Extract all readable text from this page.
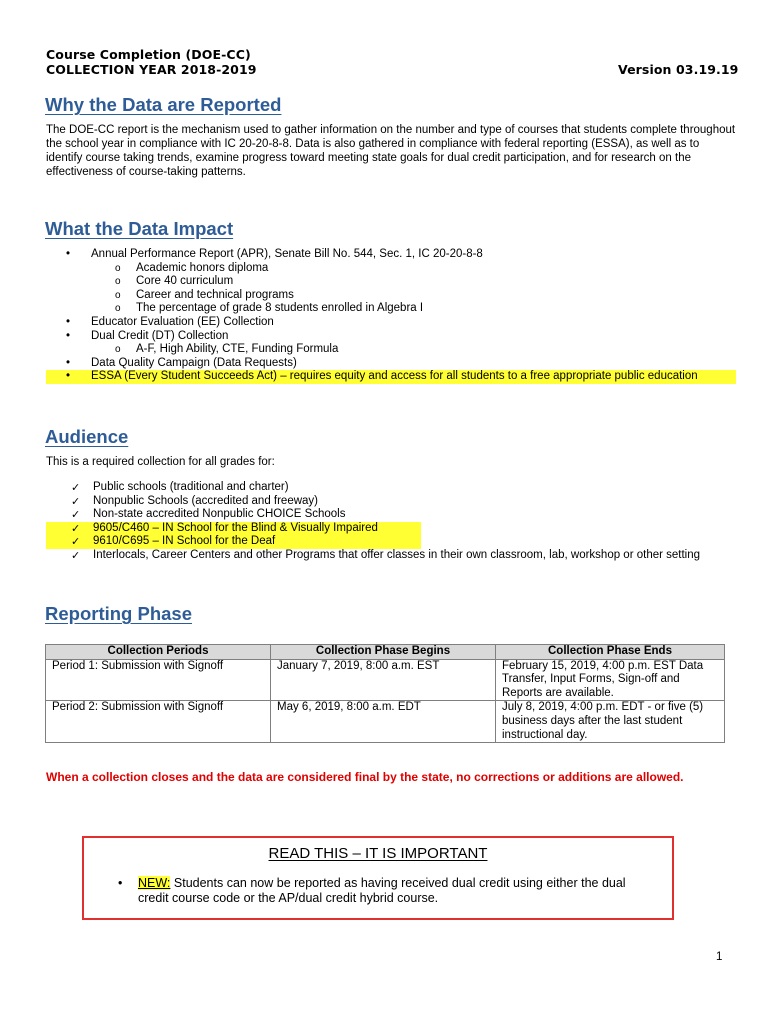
Course Completion (DOE-CC)
COLLECTION YEAR 2018-2019	Version 03.19.19
Why the Data are Reported
The DOE-CC report is the mechanism used to gather information on the number and type of courses that students complete throughout the school year in compliance with IC 20-20-8-8. Data is also gathered in compliance with federal reporting (ESSA), as well as to identify course taking trends, examine progress toward meeting state goals for dual credit participation, and for research on the effectiveness of course-taking patterns.
What the Data Impact
• Annual Performance Report (APR), Senate Bill No. 544, Sec. 1, IC 20-20-8-8
o Academic honors diploma
o Core 40 curriculum
o Career and technical programs
o The percentage of grade 8 students enrolled in Algebra I
• Educator Evaluation (EE) Collection
• Dual Credit (DT) Collection
o A-F, High Ability, CTE, Funding Formula
• Data Quality Campaign (Data Requests)
• ESSA (Every Student Succeeds Act) – requires equity and access for all students to a free appropriate public education
Audience
This is a required collection for all grades for:
✓ Public schools (traditional and charter)
✓ Nonpublic Schools (accredited and freeway)
✓ Non-state accredited Nonpublic CHOICE Schools
✓ 9605/C460 – IN School for the Blind & Visually Impaired
✓ 9610/C695 – IN School for the Deaf
✓ Interlocals, Career Centers and other Programs that offer classes in their own classroom, lab, workshop or other setting
Reporting Phase
Collection Periods	Collection Phase Begins	Collection Phase Ends
Period 1: Submission with Signoff	January 7, 2019, 8:00 a.m. EST	February 15, 2019, 4:00 p.m. EST Data Transfer, Input Forms, Sign-off and Reports are available.
Period 2: Submission with Signoff	May 6, 2019, 8:00 a.m. EDT	July 8, 2019, 4:00 p.m. EDT - or five (5) business days after the last student instructional day.
When a collection closes and the data are considered final by the state, no corrections or additions are allowed.
READ THIS – IT IS IMPORTANT
• NEW: Students can now be reported as having received dual credit using either the dual credit course code or the AP/dual credit hybrid course.
1
